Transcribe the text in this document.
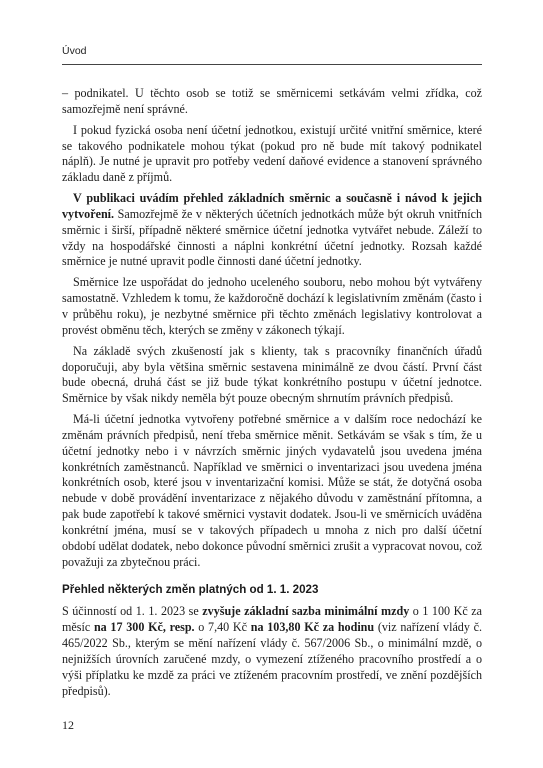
Úvod

– podnikatel. U těchto osob se totiž se směrnicemi setkávám velmi zřídka, což samozřejmě není správné.

I pokud fyzická osoba není účetní jednotkou, existují určité vnitřní směrnice, které se takového podnikatele mohou týkat (pokud pro ně bude mít takový podnikatel náplň). Je nutné je upravit pro potřeby vedení daňové evidence a stanovení správného základu daně z příjmů.

V publikaci uvádím přehled základních směrnic a současně i návod k jejich vytvoření. Samozřejmě že v některých účetních jednotkách může být okruh vnitřních směrnic i širší, případně některé směrnice účetní jednotka vytvářet nebude. Záleží to vždy na hospodářské činnosti a náplni konkrétní účetní jednotky. Rozsah každé směrnice je nutné upravit podle činnosti dané účetní jednotky.

Směrnice lze uspořádat do jednoho uceleného souboru, nebo mohou být vytvářeny samostatně. Vzhledem k tomu, že každoročně dochází k legislativním změnám (často i v průběhu roku), je nezbytné směrnice při těchto změnách legislativy kontrolovat a provést obměnu těch, kterých se změny v zákonech týkají.

Na základě svých zkušeností jak s klienty, tak s pracovníky finančních úřadů doporučuji, aby byla většina směrnic sestavena minimálně ze dvou částí. První část bude obecná, druhá část se již bude týkat konkrétního postupu v účetní jednotce. Směrnice by však nikdy neměla být pouze obecným shrnutím právních předpisů.

Má-li účetní jednotka vytvořeny potřebné směrnice a v dalším roce nedochází ke změnám právních předpisů, není třeba směrnice měnit. Setkávám se však s tím, že u účetní jednotky nebo i v návrzích směrnic jiných vydavatelů jsou uvedena jména konkrétních zaměstnanců. Například ve směrnici o inventarizaci jsou uvedena jména konkrétních osob, které jsou v inventarizační komisi. Může se stát, že dotyčná osoba nebude v době provádění inventarizace z nějakého důvodu v zaměstnání přítomna, a pak bude zapotřebí k takové směrnici vystavit dodatek. Jsou-li ve směrnicích uváděna konkrétní jména, musí se v takových případech u mnoha z nich pro další účetní období udělat dodatek, nebo dokonce původní směrnici zrušit a vypracovat novou, což považuji za zbytečnou práci.

Přehled některých změn platných od 1. 1. 2023

S účinností od 1. 1. 2023 se zvyšuje základní sazba minimální mzdy o 1 100 Kč za měsíc na 17 300 Kč, resp. o 7,40 Kč na 103,80 Kč za hodinu (viz nařízení vlády č. 465/2022 Sb., kterým se mění nařízení vlády č. 567/2006 Sb., o minimální mzdě, o nejnižších úrovních zaručené mzdy, o vymezení ztíženého pracovního prostředí a o výši příplatku ke mzdě za práci ve ztíženém pracovním prostředí, ve znění pozdějších předpisů).

12
